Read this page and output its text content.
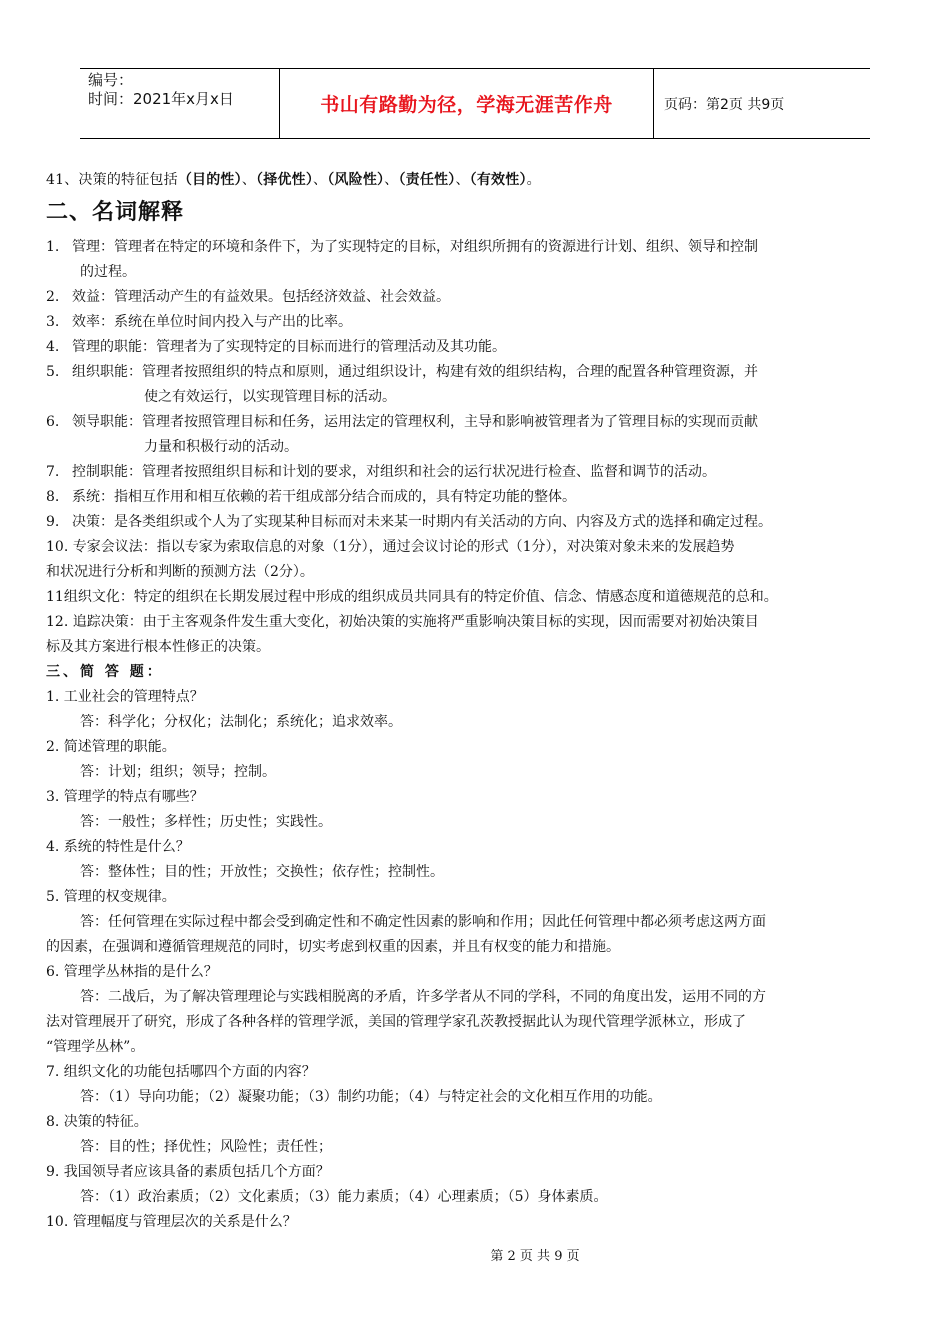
编号：
时间：2021年x月x日	书山有路勤为径，学海无涯苦作舟	页码：第2页 共9页
41、决策的特征包括（目的性）、（择优性）、（风险性）、（责任性）、（有效性）。
二、名词解释
1. 管理：管理者在特定的环境和条件下，为了实现特定的目标，对组织所拥有的资源进行计划、组织、领导和控制
的过程。
2. 效益：管理活动产生的有益效果。包括经济效益、社会效益。
3. 效率：系统在单位时间内投入与产出的比率。
4. 管理的职能：管理者为了实现特定的目标而进行的管理活动及其功能。
5. 组织职能：管理者按照组织的特点和原则，通过组织设计，构建有效的组织结构，合理的配置各种管理资源，并
使之有效运行，以实现管理目标的活动。
6. 领导职能：管理者按照管理目标和任务，运用法定的管理权利，主导和影响被管理者为了管理目标的实现而贡献
力量和积极行动的活动。
7. 控制职能：管理者按照组织目标和计划的要求，对组织和社会的运行状况进行检查、监督和调节的活动。
8. 系统：指相互作用和相互依赖的若干组成部分结合而成的，具有特定功能的整体。
9. 决策：是各类组织或个人为了实现某种目标而对未来某一时期内有关活动的方向、内容及方式的选择和确定过程。
10. 专家会议法：指以专家为索取信息的对象（1分），通过会议讨论的形式（1分），对决策对象未来的发展趋势
和状况进行分析和判断的预测方法（2分）。
11组织文化：特定的组织在长期发展过程中形成的组织成员共同具有的特定价值、信念、情感态度和道德规范的总和。
12. 追踪决策：由于主客观条件发生重大变化，初始决策的实施将严重影响决策目标的实现，因而需要对初始决策目
标及其方案进行根本性修正的决策。
三、简 答 题：
1. 工业社会的管理特点？
答：科学化；分权化；法制化；系统化；追求效率。
2. 简述管理的职能。
答：计划；组织；领导；控制。
3. 管理学的特点有哪些？
答：一般性；多样性；历史性；实践性。
4. 系统的特性是什么？
答：整体性；目的性；开放性；交换性；依存性；控制性。
5. 管理的权变规律。
答：任何管理在实际过程中都会受到确定性和不确定性因素的影响和作用；因此任何管理中都必须考虑这两方面
的因素，在强调和遵循管理规范的同时，切实考虑到权重的因素，并且有权变的能力和措施。
6. 管理学丛林指的是什么？
答：二战后，为了解决管理理论与实践相脱离的矛盾，许多学者从不同的学科，不同的角度出发，运用不同的方
法对管理展开了研究，形成了各种各样的管理学派，美国的管理学家孔茨教授据此认为现代管理学派林立，形成了
“管理学丛林”。
7. 组织文化的功能包括哪四个方面的内容？
答：（1）导向功能；（2）凝聚功能；（3）制约功能；（4）与特定社会的文化相互作用的功能。
8. 决策的特征。
答：目的性；择优性；风险性；责任性；
9. 我国领导者应该具备的素质包括几个方面？
答：（1）政治素质；（2）文化素质；（3）能力素质；（4）心理素质；（5）身体素质。
10. 管理幅度与管理层次的关系是什么？
第 2 页 共 9 页
